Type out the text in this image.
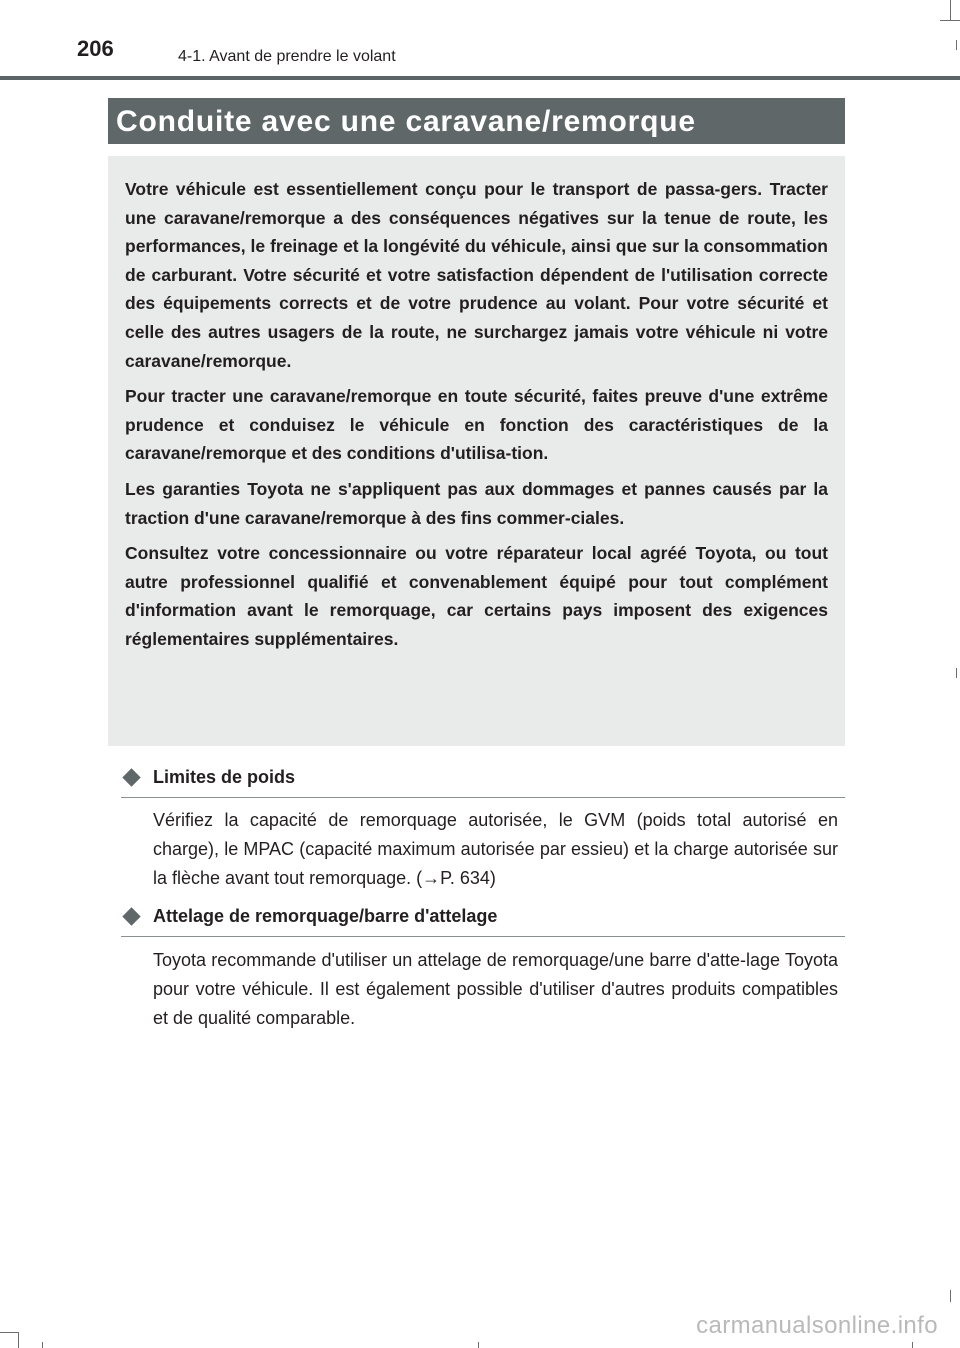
206	4-1. Avant de prendre le volant
Conduite avec une caravane/remorque

Votre véhicule est essentiellement conçu pour le transport de passa-gers. Tracter une caravane/remorque a des conséquences négatives sur la tenue de route, les performances, le freinage et la longévité du véhicule, ainsi que sur la consommation de carburant. Votre sécurité et votre satisfaction dépendent de l'utilisation correcte des équipements corrects et de votre prudence au volant. Pour votre sécurité et celle des autres usagers de la route, ne surchargez jamais votre véhicule ni votre caravane/remorque.

Pour tracter une caravane/remorque en toute sécurité, faites preuve d'une extrême prudence et conduisez le véhicule en fonction des caractéristiques de la caravane/remorque et des conditions d'utilisa-tion.

Les garanties Toyota ne s'appliquent pas aux dommages et pannes causés par la traction d'une caravane/remorque à des fins commer-ciales.

Consultez votre concessionnaire ou votre réparateur local agréé Toyota, ou tout autre professionnel qualifié et convenablement équipé pour tout complément d'information avant le remorquage, car certains pays imposent des exigences réglementaires supplémentaires.

Limites de poids

Vérifiez la capacité de remorquage autorisée, le GVM (poids total autorisé en charge), le MPAC (capacité maximum autorisée par essieu) et la charge autorisée sur la flèche avant tout remorquage. (→P. 634)

Attelage de remorquage/barre d'attelage

Toyota recommande d'utiliser un attelage de remorquage/une barre d'atte-lage Toyota pour votre véhicule. Il est également possible d'utiliser d'autres produits compatibles et de qualité comparable.

carmanualsonline.info
